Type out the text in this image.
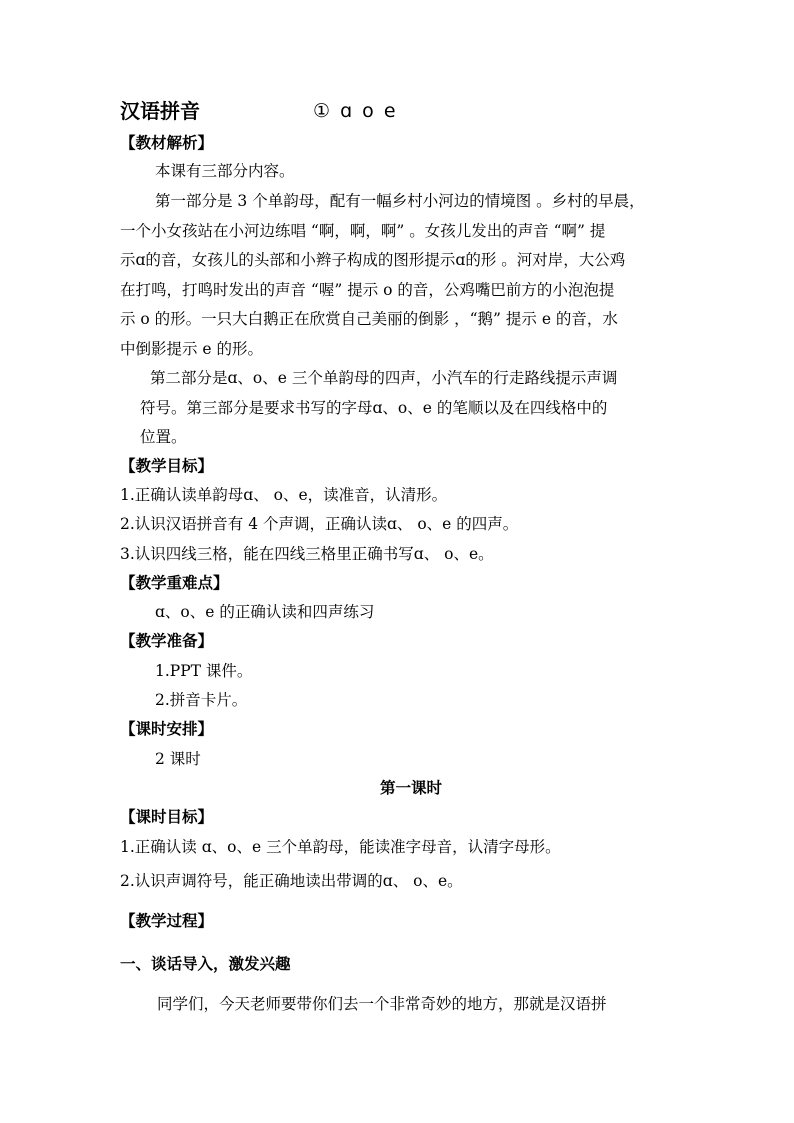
汉语拼音	① ɑ o e
【教材解析】
本课有三部分内容。
第一部分是 3 个单韵母，配有一幅乡村小河边的情境图 。乡村的早晨，
一个小女孩站在小河边练唱 “啊，啊，啊” 。女孩儿发出的声音 “啊” 提
示ɑ的音，女孩儿的头部和小辫子构成的图形提示ɑ的形 。河对岸，大公鸡
在打鸣，打鸣时发出的声音 “喔” 提示 o 的音，公鸡嘴巴前方的小泡泡提
示 o 的形。一只大白鹅正在欣赏自己美丽的倒影 ，“鹅” 提示 e 的音，水
中倒影提示 e 的形。
第二部分是ɑ、o、e 三个单韵母的四声，小汽车的行走路线提示声调
符号。第三部分是要求书写的字母ɑ、o、e 的笔顺以及在四线格中的
位置。
【教学目标】
1.正确认读单韵母ɑ、 o、e，读准音，认清形。
2.认识汉语拼音有 4 个声调，正确认读ɑ、 o、e 的四声。
3.认识四线三格，能在四线三格里正确书写ɑ、 o、e。
【教学重难点】
ɑ、o、e 的正确认读和四声练习
【教学准备】
1.PPT 课件。
2.拼音卡片。
【课时安排】
2 课时
第一课时
【课时目标】
1.正确认读 ɑ、o、e 三个单韵母，能读准字母音，认清字母形。
2.认识声调符号，能正确地读出带调的ɑ、 o、e。
【教学过程】
一、谈话导入，激发兴趣
同学们，今天老师要带你们去一个非常奇妙的地方，那就是汉语拼
